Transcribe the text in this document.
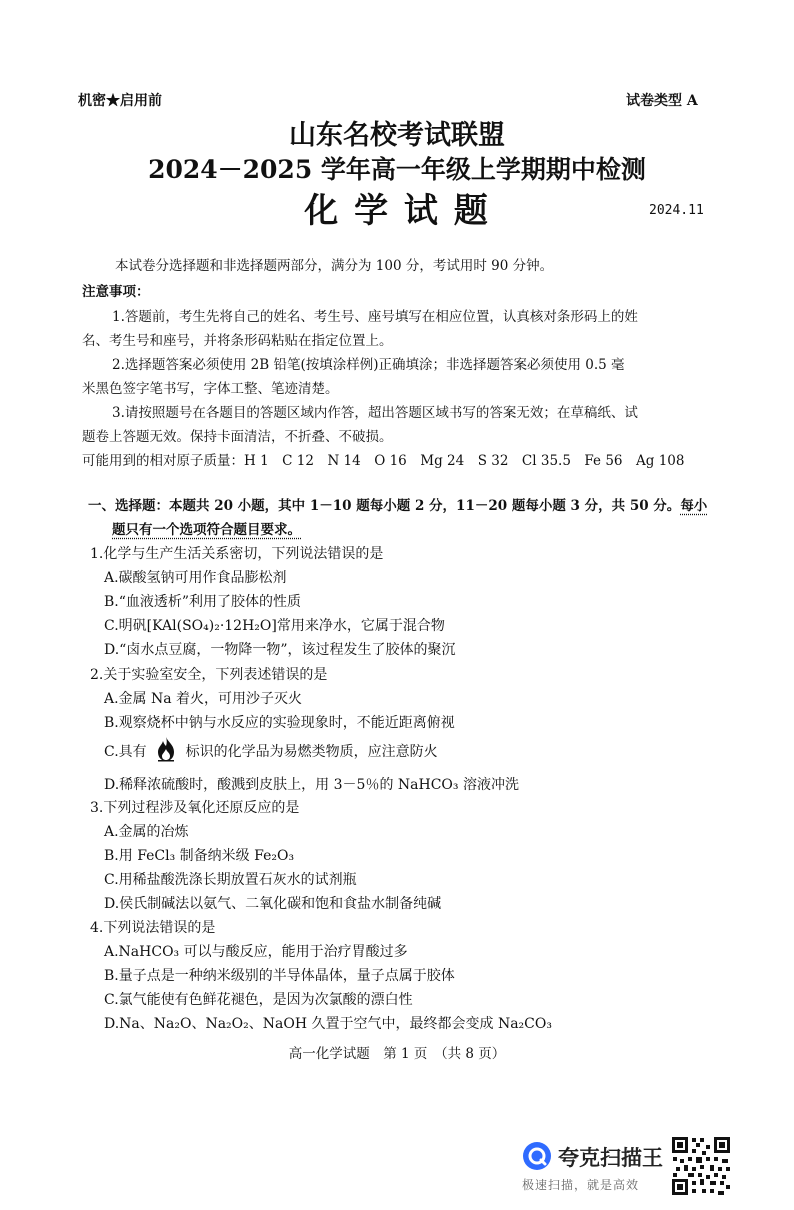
机密★启用前	试卷类型 A
山东名校考试联盟
2024－2025 学年高一年级上学期期中检测
化 学 试 题	2024.11
本试卷分选择题和非选择题两部分，满分为 100 分，考试用时 90 分钟。
注意事项：
1.答题前，考生先将自己的姓名、考生号、座号填写在相应位置，认真核对条形码上的姓
名、考生号和座号，并将条形码粘贴在指定位置上。
2.选择题答案必须使用 2B 铅笔(按填涂样例)正确填涂；非选择题答案必须使用 0.5 毫
米黑色签字笔书写，字体工整、笔迹清楚。
3.请按照题号在各题目的答题区域内作答，超出答题区域书写的答案无效；在草稿纸、试
题卷上答题无效。保持卡面清洁，不折叠、不破损。
可能用到的相对原子质量：H 1　C 12　N 14　O 16　Mg 24　S 32　Cl 35.5　Fe 56　Ag 108
一、选择题：本题共 20 小题，其中 1－10 题每小题 2 分，11－20 题每小题 3 分，共 50 分。每小
题只有一个选项符合题目要求。
1.化学与生产生活关系密切，下列说法错误的是
A.碳酸氢钠可用作食品膨松剂
B.“血液透析”利用了胶体的性质
C.明矾[KAl(SO₄)₂·12H₂O]常用来净水，它属于混合物
D.“卤水点豆腐，一物降一物”，该过程发生了胶体的聚沉
2.关于实验室安全，下列表述错误的是
A.金属 Na 着火，可用沙子灭火
B.观察烧杯中钠与水反应的实验现象时，不能近距离俯视
C.具有	标识的化学品为易燃类物质，应注意防火
D.稀释浓硫酸时，酸溅到皮肤上，用 3－5％的 NaHCO₃ 溶液冲洗
3.下列过程涉及氧化还原反应的是
A.金属的冶炼
B.用 FeCl₃ 制备纳米级 Fe₂O₃
C.用稀盐酸洗涤长期放置石灰水的试剂瓶
D.侯氏制碱法以氨气、二氧化碳和饱和食盐水制备纯碱
4.下列说法错误的是
A.NaHCO₃ 可以与酸反应，能用于治疗胃酸过多
B.量子点是一种纳米级别的半导体晶体，量子点属于胶体
C.氯气能使有色鲜花褪色，是因为次氯酸的漂白性
D.Na、Na₂O、Na₂O₂、NaOH 久置于空气中，最终都会变成 Na₂CO₃
高一化学试题　第 1 页　（共 8 页）
夸克扫描王
极速扫描，就是高效
